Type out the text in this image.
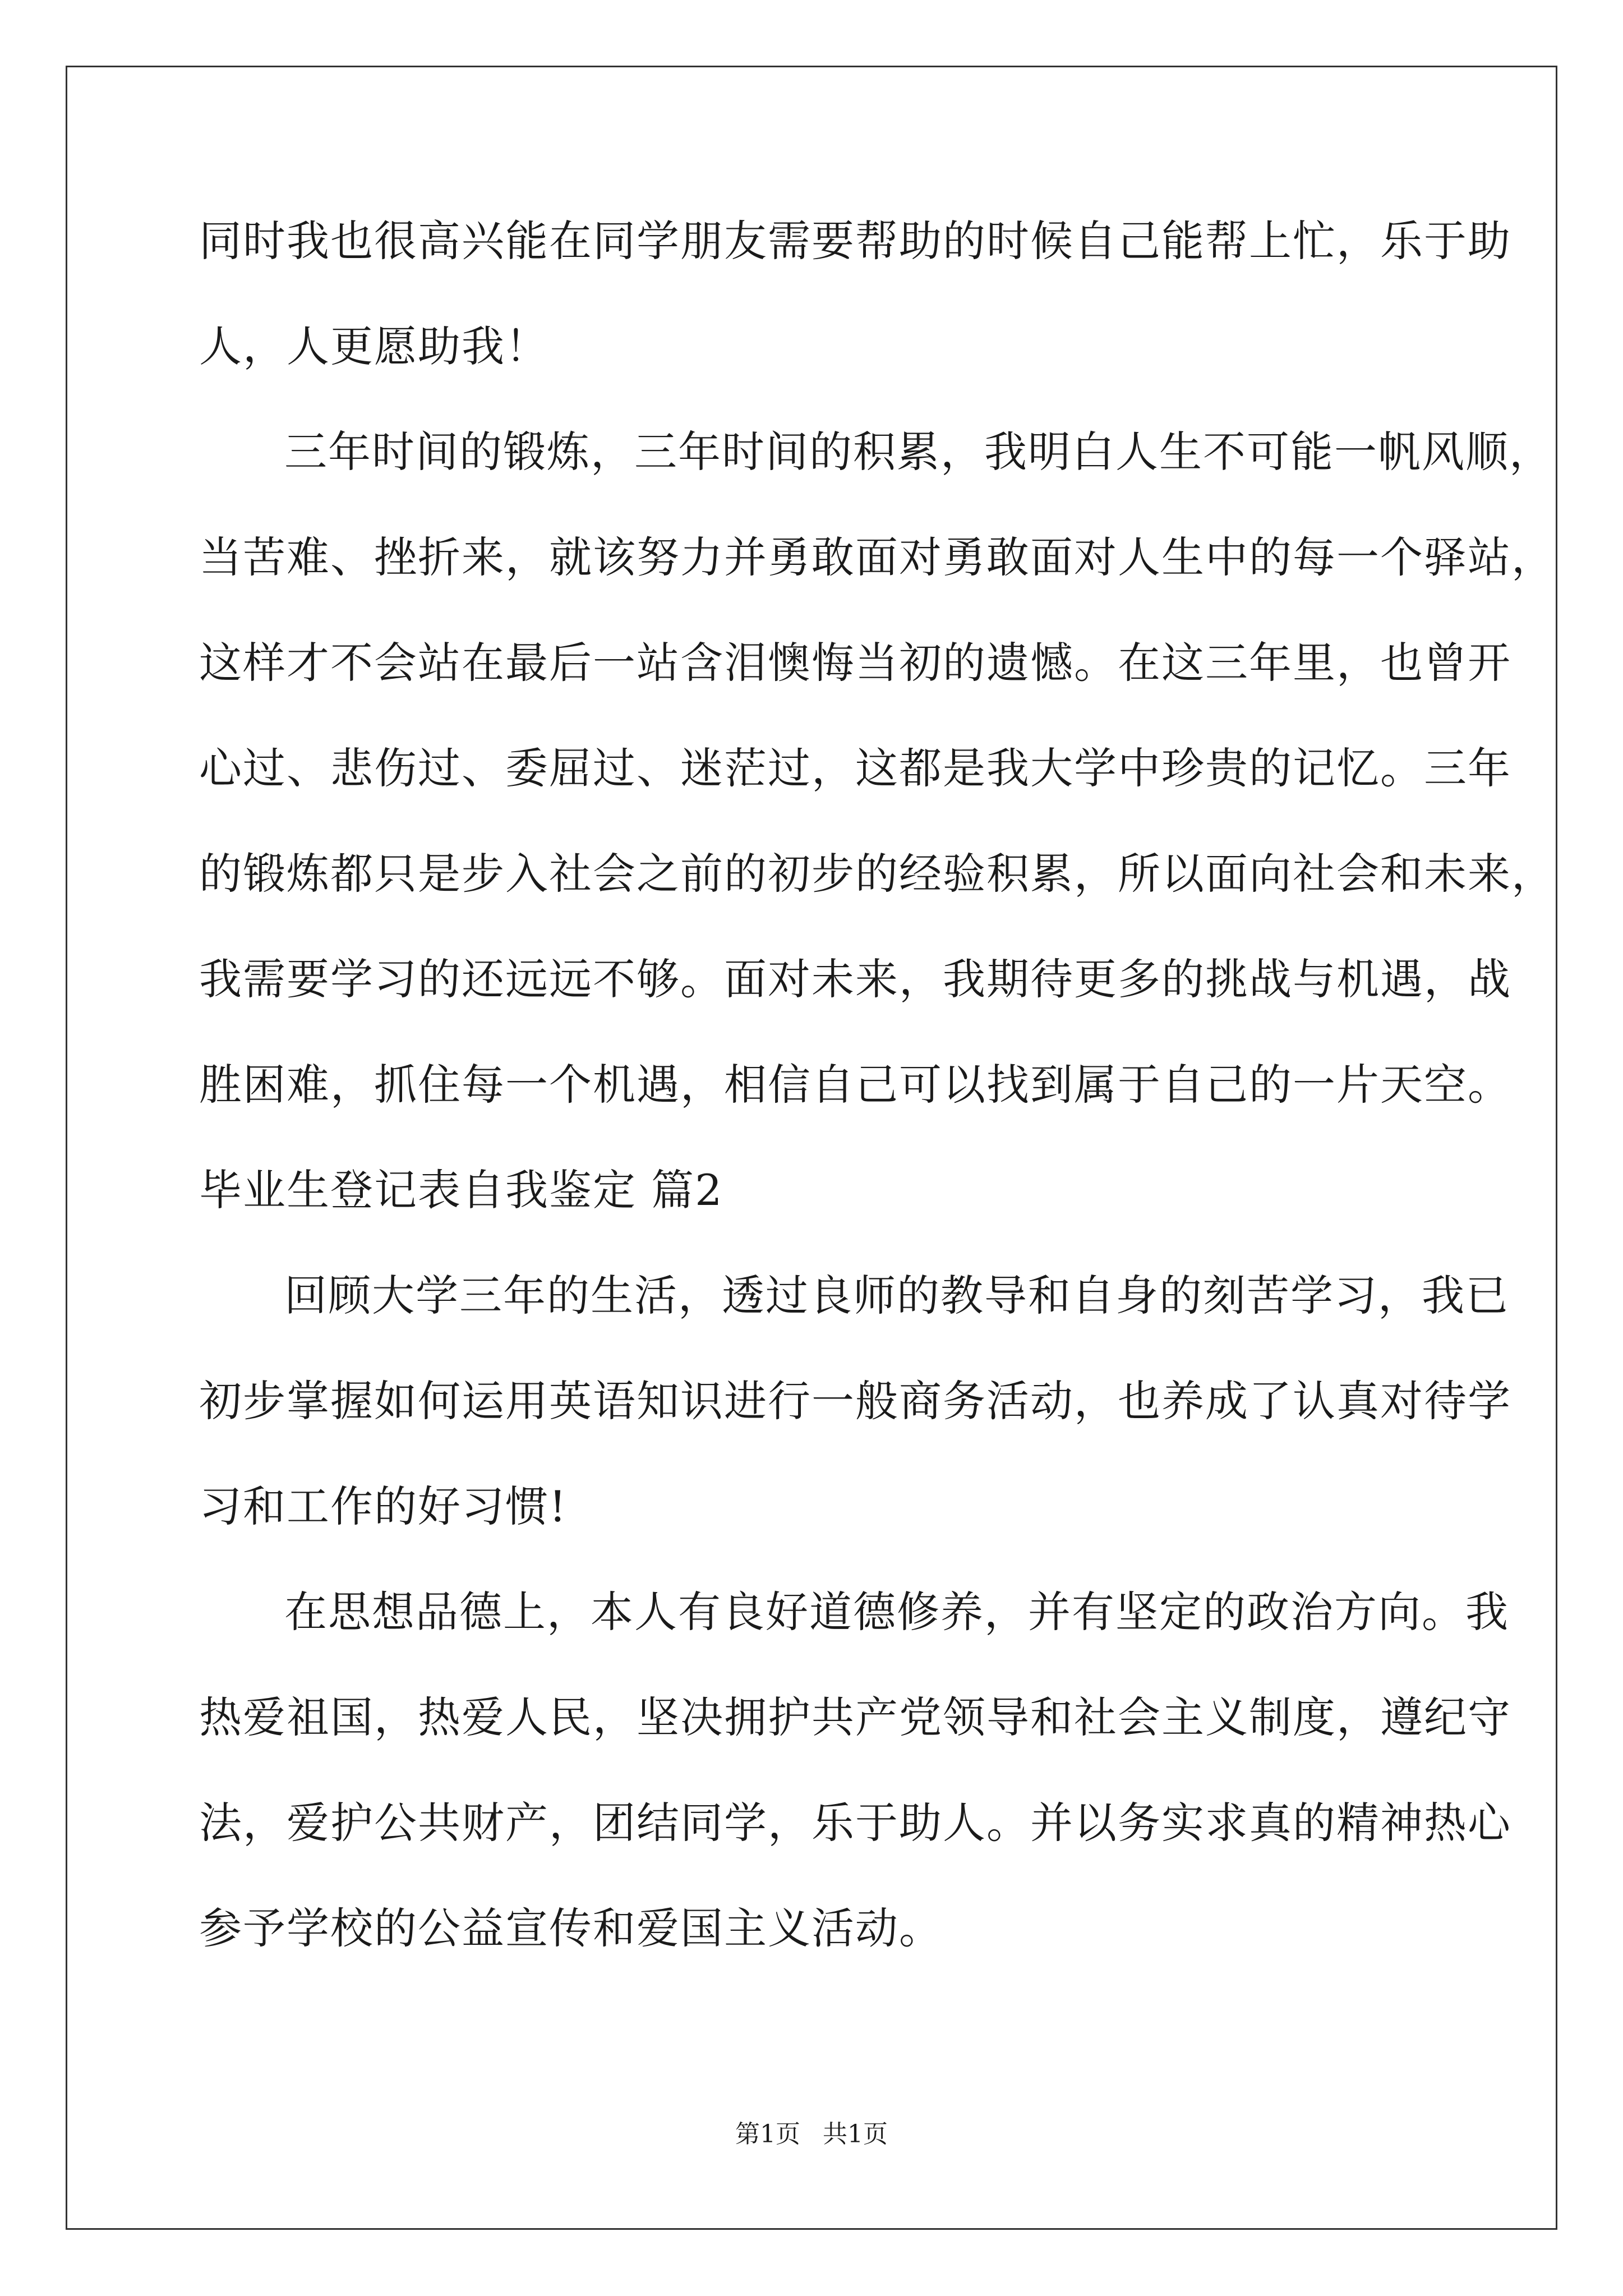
同时我也很高兴能在同学朋友需要帮助的时候自己能帮上忙，乐于助
人，人更愿助我！
三年时间的锻炼，三年时间的积累，我明白人生不可能一帆风顺，
当苦难、挫折来，就该努力并勇敢面对勇敢面对人生中的每一个驿站，
这样才不会站在最后一站含泪懊悔当初的遗憾。在这三年里，也曾开
心过、悲伤过、委屈过、迷茫过，这都是我大学中珍贵的记忆。三年
的锻炼都只是步入社会之前的初步的经验积累，所以面向社会和未来，
我需要学习的还远远不够。面对未来，我期待更多的挑战与机遇，战
胜困难，抓住每一个机遇，相信自己可以找到属于自己的一片天空。
毕业生登记表自我鉴定 篇2
回顾大学三年的生活，透过良师的教导和自身的刻苦学习，我已
初步掌握如何运用英语知识进行一般商务活动，也养成了认真对待学
习和工作的好习惯!
在思想品德上，本人有良好道德修养，并有坚定的政治方向。我
热爱祖国，热爱人民，坚决拥护共产党领导和社会主义制度，遵纪守
法，爱护公共财产，团结同学，乐于助人。并以务实求真的精神热心
参予学校的公益宣传和爱国主义活动。
第1页 共1页
